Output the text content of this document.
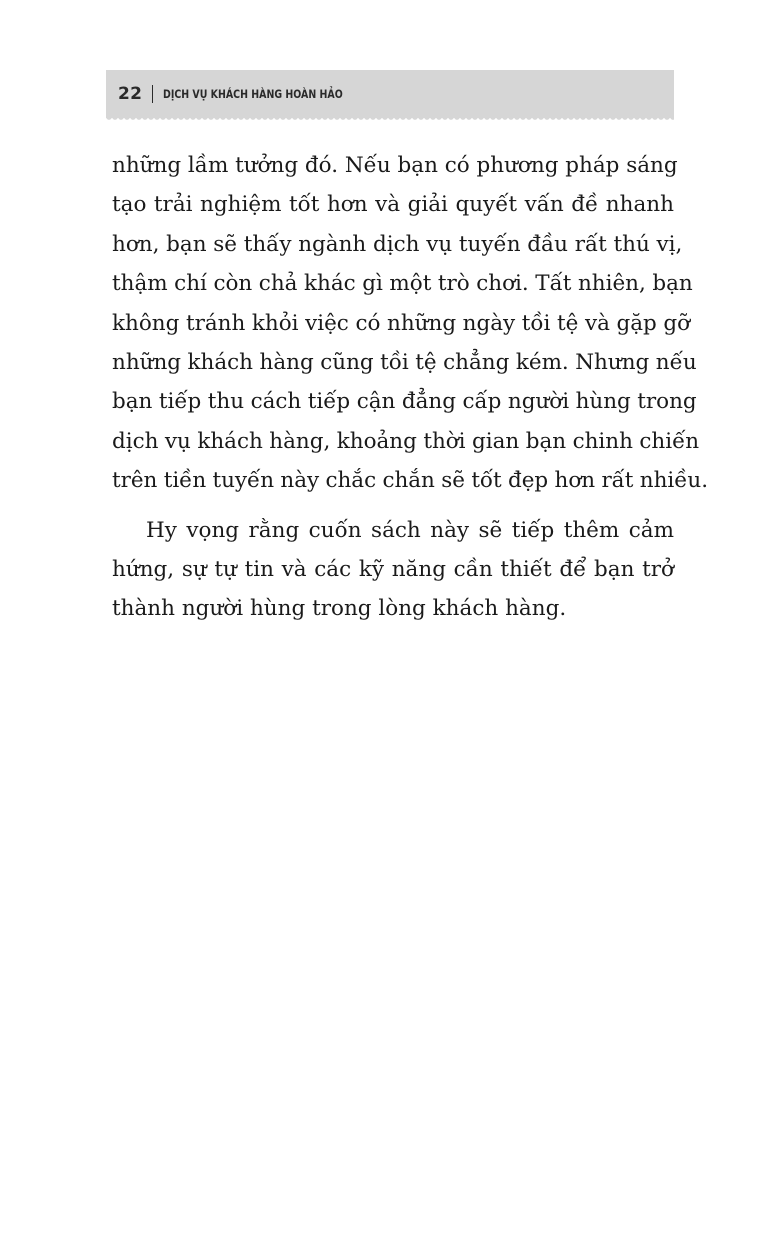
22 DỊCH VỤ KHÁCH HÀNG HOÀN HẢO

những lầm tưởng đó. Nếu bạn có phương pháp sáng
tạo trải nghiệm tốt hơn và giải quyết vấn đề nhanh
hơn, bạn sẽ thấy ngành dịch vụ tuyến đầu rất thú vị,
thậm chí còn chả khác gì một trò chơi. Tất nhiên, bạn
không tránh khỏi việc có những ngày tồi tệ và gặp gỡ
những khách hàng cũng tồi tệ chẳng kém. Nhưng nếu
bạn tiếp thu cách tiếp cận đẳng cấp người hùng trong
dịch vụ khách hàng, khoảng thời gian bạn chinh chiến
trên tiền tuyến này chắc chắn sẽ tốt đẹp hơn rất nhiều.

Hy vọng rằng cuốn sách này sẽ tiếp thêm cảm
hứng, sự tự tin và các kỹ năng cần thiết để bạn trở
thành người hùng trong lòng khách hàng.
